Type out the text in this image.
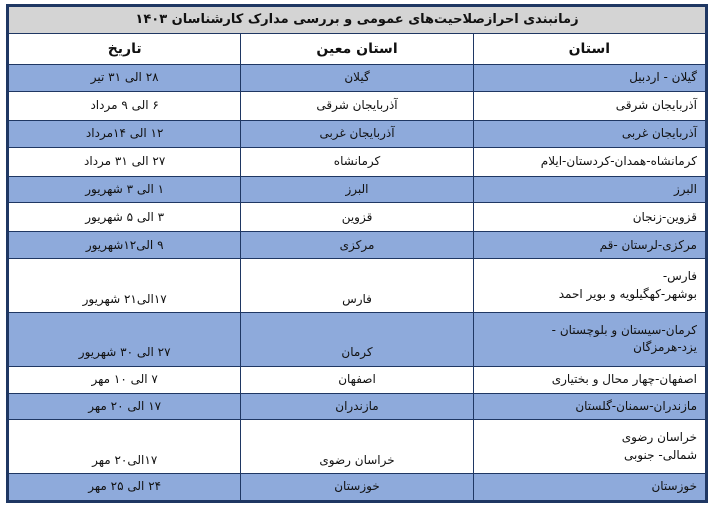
زمانبندی احرازصلاحیت‌های عمومی و بررسی مدارک کارشناسان ۱۴۰۳		
استان	استان معین	تاریخ

گیلان - اردبیل	گیلان	۲۸ الی ۳۱ تیر

آذربایجان شرقی	آذربایجان شرقی	۶ الی ۹ مرداد

آذربایجان غربی	آذربایجان غربی	۱۲ الی ۱۴مرداد

کرمانشاه-همدان-کردستان-ایلام	کرمانشاه	۲۷ الی ۳۱ مرداد

البرز	البرز	۱ الی ۳ شهریور

قزوین-زنجان	قزوین	۳ الی ۵ شهریور

مرکزی-لرستان -قم	مرکزی	۹ الی۱۲شهریور

فارس-
بوشهر-کهگیلویه و بویر احمد	فارس	۱۷الی۲۱ شهریور

کرمان-سیستان و بلوچستان -
یزد-هرمزگان	کرمان	۲۷ الی ۳۰ شهریور

اصفهان-چهار محال و بختیاری	اصفهان	۷ الی ۱۰ مهر

مازندران-سمنان-گلستان	مازندران	۱۷ الی ۲۰ مهر

خراسان رضوی
شمالی- جنوبی	خراسان رضوی	۱۷الی۲۰ مهر

خوزستان	خوزستان	۲۴ الی ۲۵ مهر
